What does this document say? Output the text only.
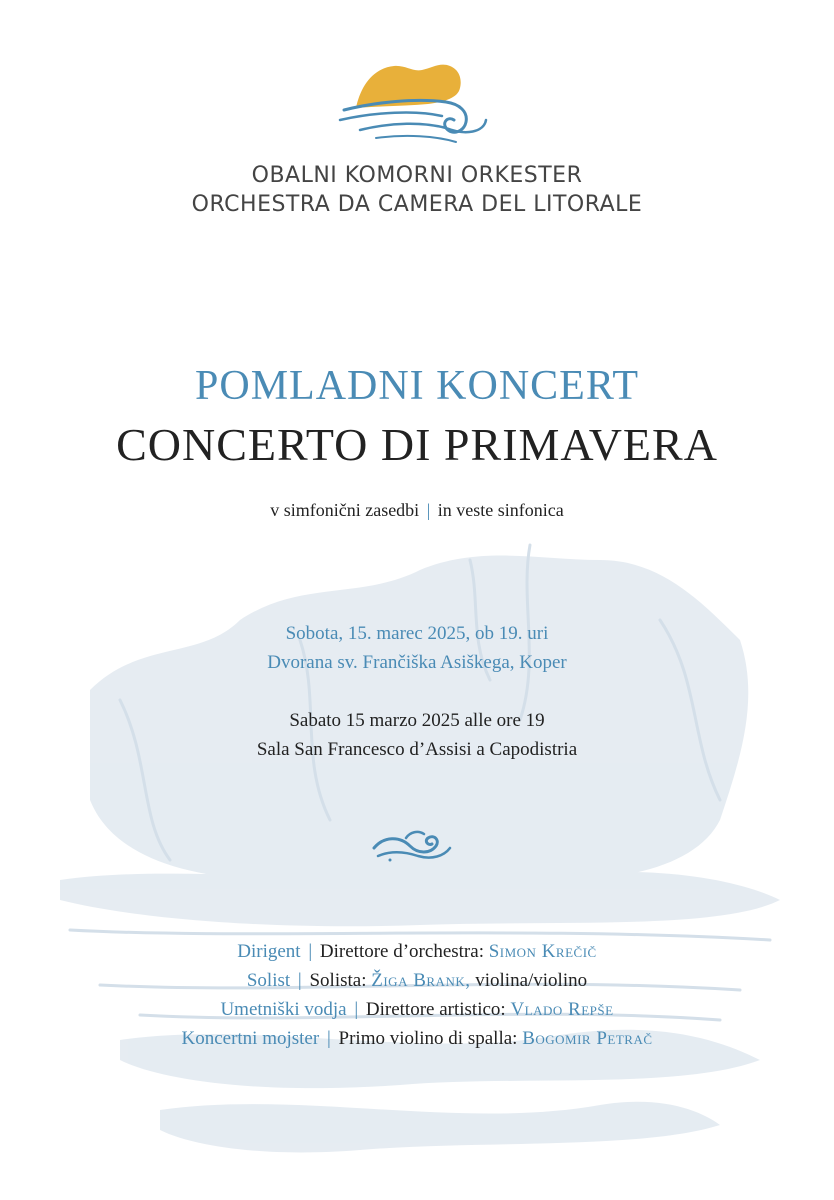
OBALNI KOMORNI ORKESTER
ORCHESTRA DA CAMERA DEL LITORALE
POMLADNI KONCERT
CONCERTO DI PRIMAVERA
v simfonični zasedbi | in veste sinfonica
Sobota, 15. marec 2025, ob 19. uri
Dvorana sv. Frančiška Asiškega, Koper
Sabato 15 marzo 2025 alle ore 19
Sala San Francesco d’Assisi a Capodistria
Dirigent | Direttore d’orchestra: Simon Krečič
Solist | Solista: Žiga Brank, violina/violino
Umetniški vodja | Direttore artistico: Vlado Repše
Koncertni mojster | Primo violino di spalla: Bogomir Petrač
